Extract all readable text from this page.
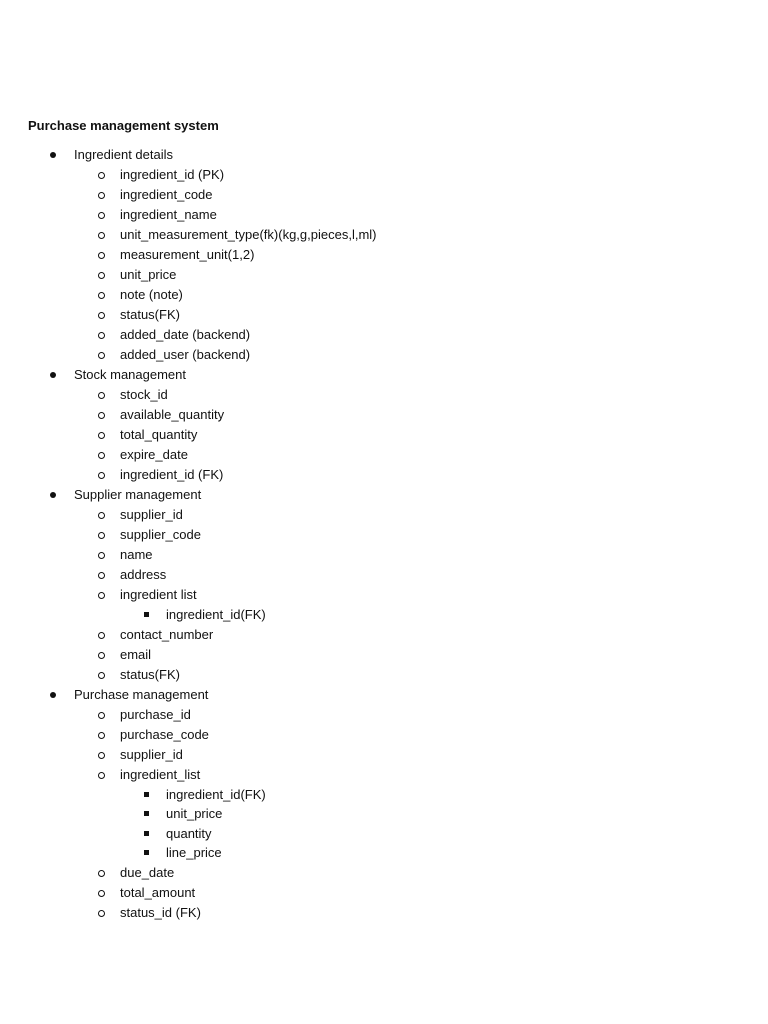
Purchase management system
Ingredient details
ingredient_id (PK)
ingredient_code
ingredient_name
unit_measurement_type(fk)(kg,g,pieces,l,ml)
measurement_unit(1,2)
unit_price
note (note)
status(FK)
added_date (backend)
added_user (backend)
Stock management
stock_id
available_quantity
total_quantity
expire_date
ingredient_id (FK)
Supplier management
supplier_id
supplier_code
name
address
ingredient list
ingredient_id(FK)
contact_number
email
status(FK)
Purchase management
purchase_id
purchase_code
supplier_id
ingredient_list
ingredient_id(FK)
unit_price
quantity
line_price
due_date
total_amount
status_id (FK)
